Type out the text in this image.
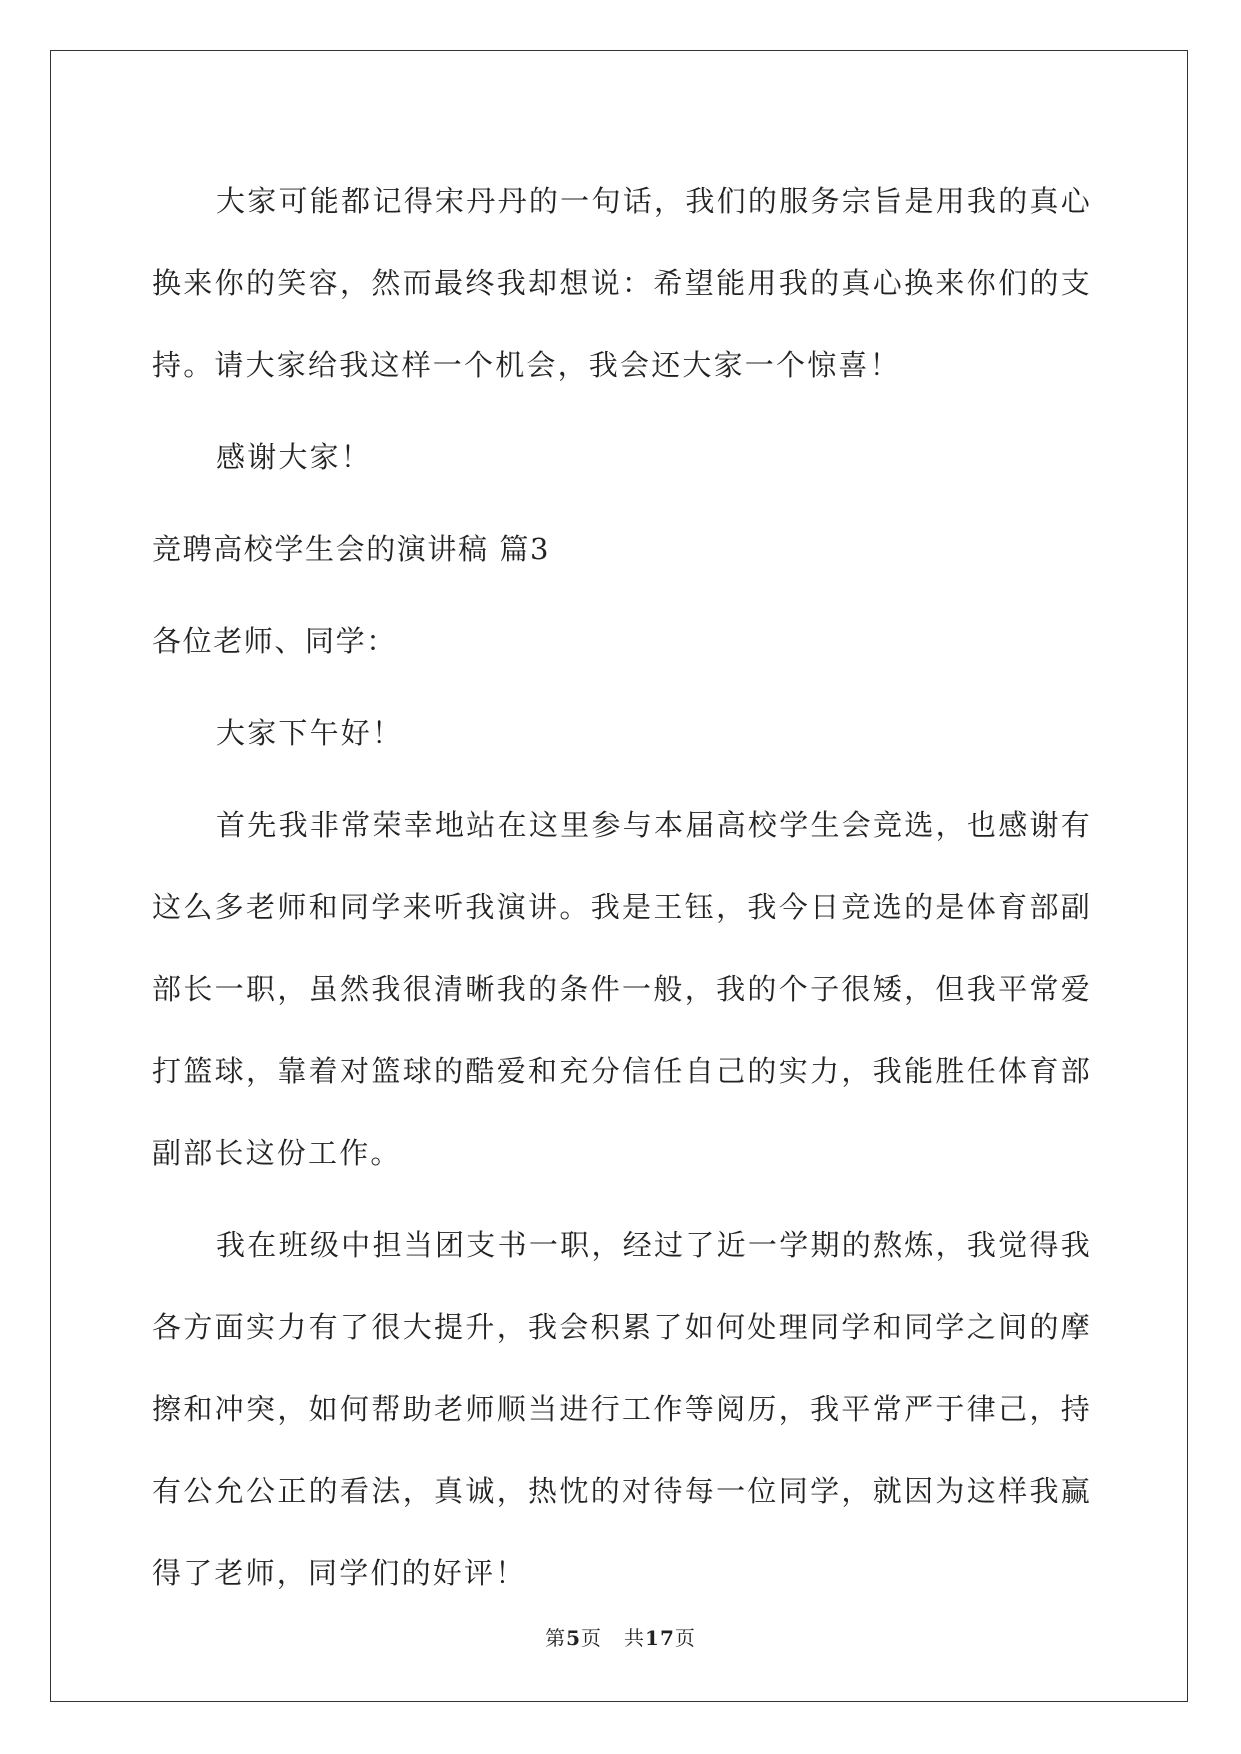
大家可能都记得宋丹丹的一句话，我们的服务宗旨是用我的真心换来你的笑容，然而最终我却想说：希望能用我的真心换来你们的支持。请大家给我这样一个机会，我会还大家一个惊喜！

感谢大家！

竞聘高校学生会的演讲稿 篇3

各位老师、同学：

大家下午好！

首先我非常荣幸地站在这里参与本届高校学生会竞选，也感谢有这么多老师和同学来听我演讲。我是王钰，我今日竞选的是体育部副部长一职，虽然我很清晰我的条件一般，我的个子很矮，但我平常爱打篮球，靠着对篮球的酷爱和充分信任自己的实力，我能胜任体育部副部长这份工作。

我在班级中担当团支书一职，经过了近一学期的熬炼，我觉得我各方面实力有了很大提升，我会积累了如何处理同学和同学之间的摩擦和冲突，如何帮助老师顺当进行工作等阅历，我平常严于律己，持有公允公正的看法，真诚，热忱的对待每一位同学，就因为这样我赢得了老师，同学们的好评！

第5页 共17页
